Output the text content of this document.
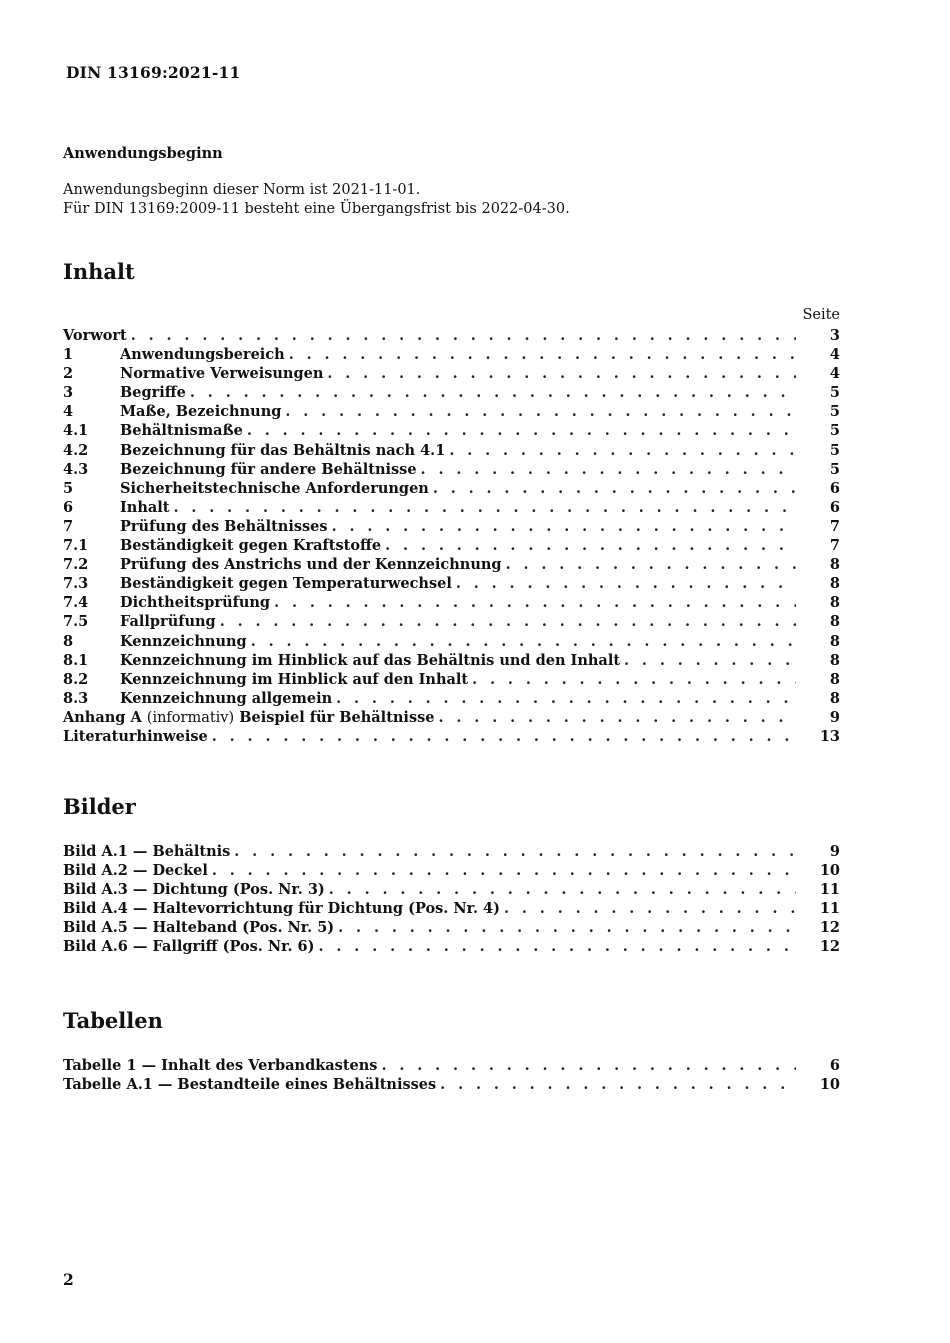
DIN 13169:2021-11
Anwendungsbeginn
Anwendungsbeginn dieser Norm ist 2021-11-01.
Für DIN 13169:2009-11 besteht eine Übergangsfrist bis 2022-04-30.
Inhalt
Seite
Vorwort . . .	3
1	Anwendungsbereich . . .	4
2	Normative Verweisungen . . .	4
3	Begriffe . . .	5
4	Maße, Bezeichnung . . .	5
4.1	Behältnismaße . . .	5
4.2	Bezeichnung für das Behältnis nach 4.1 . . .	5
4.3	Bezeichnung für andere Behältnisse . . .	5
5	Sicherheitstechnische Anforderungen . . .	6
6	Inhalt . . .	6
7	Prüfung des Behältnisses . . .	7
7.1	Beständigkeit gegen Kraftstoffe . . .	7
7.2	Prüfung des Anstrichs und der Kennzeichnung . . .	8
7.3	Beständigkeit gegen Temperaturwechsel . . .	8
7.4	Dichtheitsprüfung . . .	8
7.5	Fallprüfung . . .	8
8	Kennzeichnung . . .	8
8.1	Kennzeichnung im Hinblick auf das Behältnis und den Inhalt . . .	8
8.2	Kennzeichnung im Hinblick auf den Inhalt . . .	8
8.3	Kennzeichnung allgemein . . .	8
Anhang A (informativ) Beispiel für Behältnisse . . .	9
Literaturhinweise . . .	13
Bilder
Bild A.1 — Behältnis . . .	9
Bild A.2 — Deckel . . .	10
Bild A.3 — Dichtung (Pos. Nr. 3) . . .	11
Bild A.4 — Haltevorrichtung für Dichtung (Pos. Nr. 4) . . .	11
Bild A.5 — Halteband (Pos. Nr. 5) . . .	12
Bild A.6 — Fallgriff (Pos. Nr. 6) . . .	12
Tabellen
Tabelle 1 — Inhalt des Verbandkastens . . .	6
Tabelle A.1 — Bestandteile eines Behältnisses . . .	10
2
